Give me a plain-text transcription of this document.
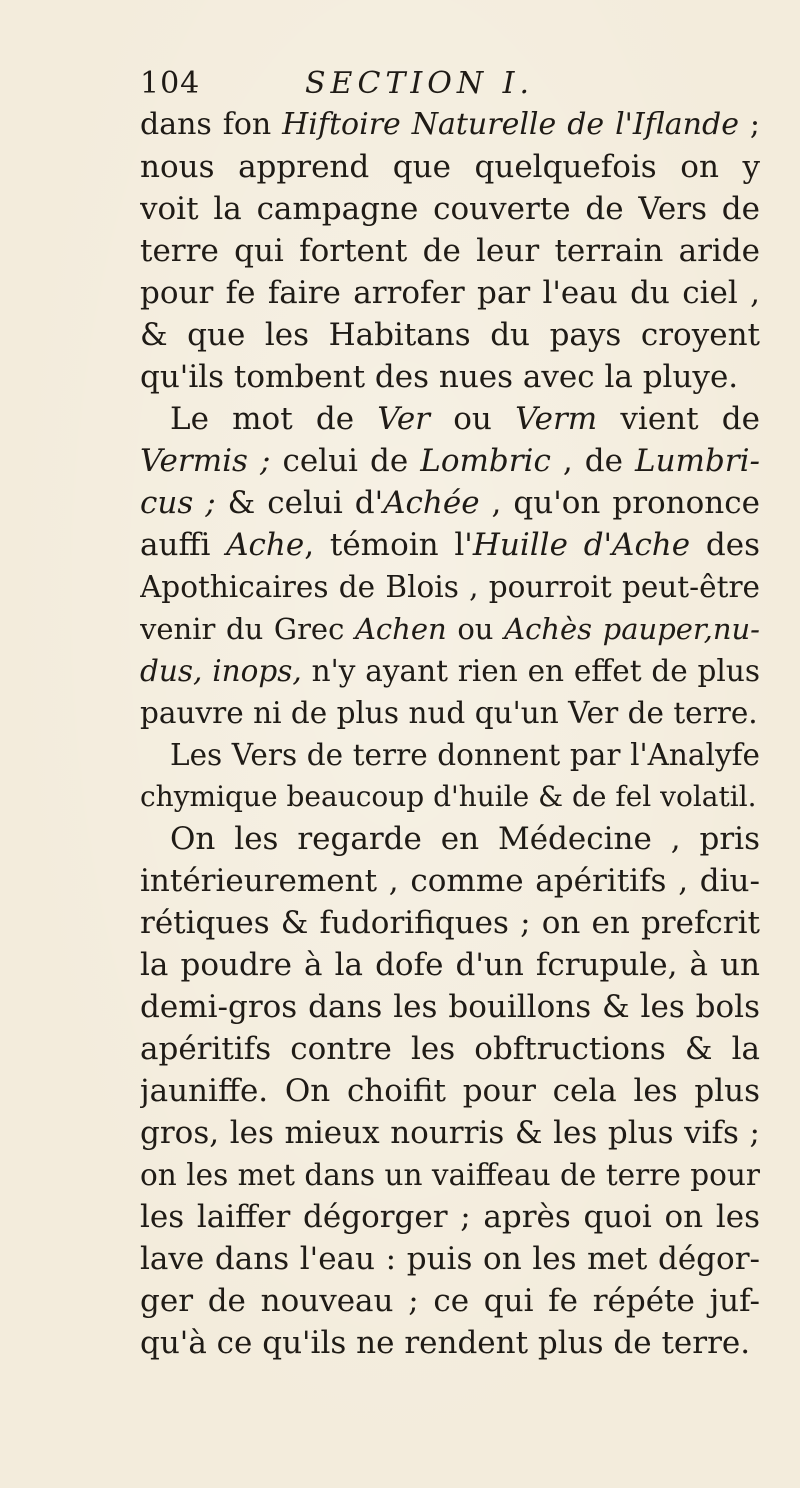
104	SECTION I.
dans fon Hiftoire Naturelle de l'Iflande ;
nous apprend que quelquefois on y
voit la campagne couverte de Vers de
terre qui fortent de leur terrain aride
pour fe faire arrofer par l'eau du ciel ,
& que les Habitans du pays croyent
qu'ils tombent des nues avec la pluye.
Le mot de Ver ou Verm vient de
Vermis ; celui de Lombric , de Lumbri-
cus ; & celui d'Achée , qu'on prononce
auffi Ache, témoin l'Huille d'Ache des
Apothicaires de Blois , pourroit peut-être
venir du Grec Achen ou Achès pauper,nu-
dus, inops, n'y ayant rien en effet de plus
pauvre ni de plus nud qu'un Ver de terre.
Les Vers de terre donnent par l'Analyfe
chymique beaucoup d'huile & de fel volatil.
On les regarde en Médecine , pris
intérieurement , comme apéritifs , diu-
rétiques & fudorifiques ; on en prefcrit
la poudre à la dofe d'un fcrupule, à un
demi-gros dans les bouillons & les bols
apéritifs contre les obftructions & la
jauniffe. On choifit pour cela les plus
gros, les mieux nourris & les plus vifs ;
on les met dans un vaiffeau de terre pour
les laiffer dégorger ; après quoi on les
lave dans l'eau : puis on les met dégor-
ger de nouveau ; ce qui fe répéte juf-
qu'à ce qu'ils ne rendent plus de terre.
